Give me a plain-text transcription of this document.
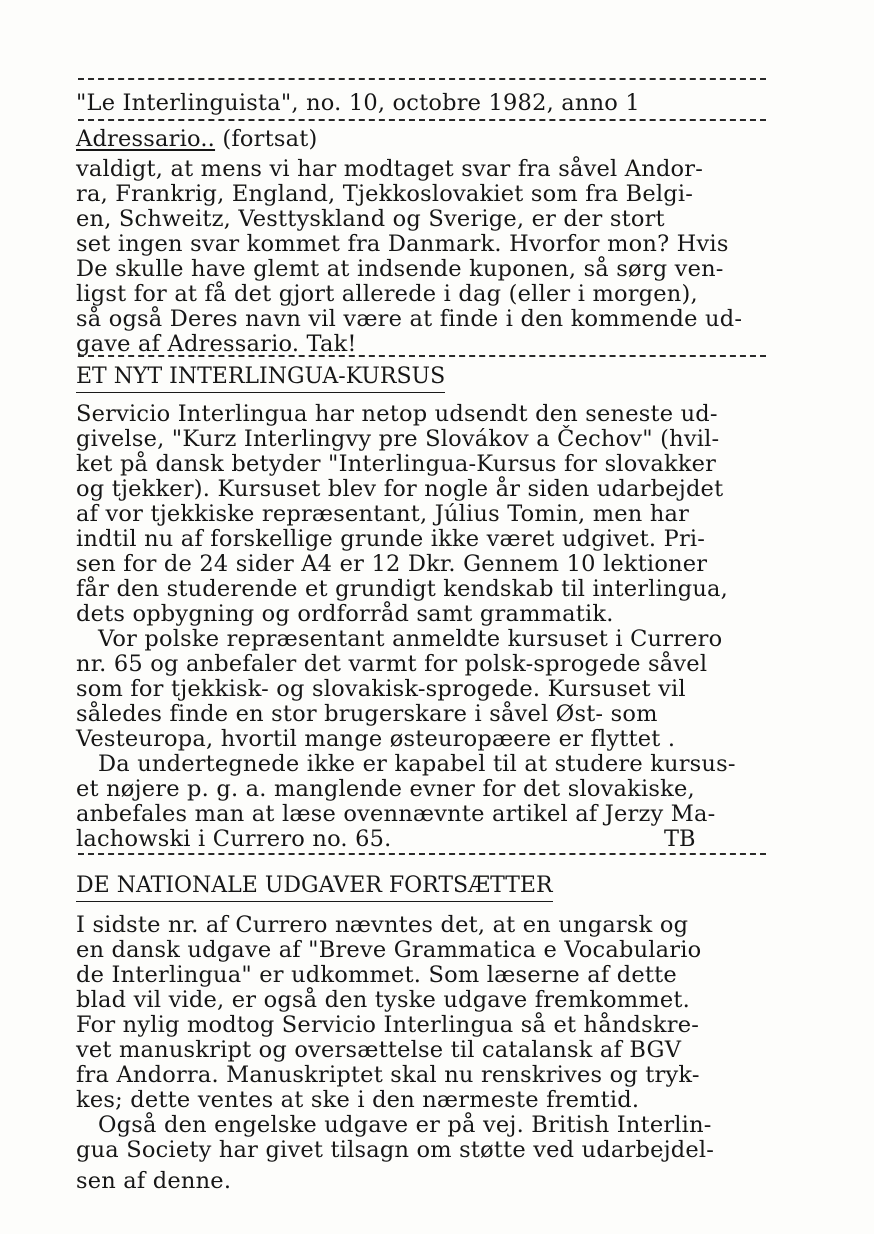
"Le Interlinguista", no. 10, octobre 1982, anno 1
Adressario.. (fortsat)
valdigt, at mens vi har modtaget svar fra såvel Andor-
ra, Frankrig, England, Tjekkoslovakiet som fra Belgi-
en, Schweitz, Vesttyskland og Sverige, er der stort
set ingen svar kommet fra Danmark. Hvorfor mon? Hvis
De skulle have glemt at indsende kuponen, så sørg ven-
ligst for at få det gjort allerede i dag (eller i morgen),
så også Deres navn vil være at finde i den kommende ud-
gave af Adressario. Tak!
ET NYT INTERLINGUA-KURSUS
Servicio Interlingua har netop udsendt den seneste ud-
givelse, "Kurz Interlingvy pre Slovákov a Čechov" (hvil-
ket på dansk betyder "Interlingua-Kursus for slovakker
og tjekker). Kursuset blev for nogle år siden udarbejdet
af vor tjekkiske repræsentant, Július Tomin, men har
indtil nu af forskellige grunde ikke været udgivet. Pri-
sen for de 24 sider A4 er 12 Dkr. Gennem 10 lektioner
får den studerende et grundigt kendskab til interlingua,
dets opbygning og ordforråd samt grammatik.
Vor polske repræsentant anmeldte kursuset i Currero
nr. 65 og anbefaler det varmt for polsk-sprogede såvel
som for tjekkisk- og slovakisk-sprogede. Kursuset vil
således finde en stor brugerskare i såvel Øst- som
Vesteuropa, hvortil mange østeuropæere er flyttet .
Da undertegnede ikke er kapabel til at studere kursus-
et nøjere p. g. a. manglende evner for det slovakiske,
anbefales man at læse ovennævnte artikel af Jerzy Ma-
lachowski i Currero no. 65.	TB
DE NATIONALE UDGAVER FORTSÆTTER
I sidste nr. af Currero nævntes det, at en ungarsk og
en dansk udgave af "Breve Grammatica e Vocabulario
de Interlingua" er udkommet. Som læserne af dette
blad vil vide, er også den tyske udgave fremkommet.
For nylig modtog Servicio Interlingua så et håndskre-
vet manuskript og oversættelse til catalansk af BGV
fra Andorra. Manuskriptet skal nu renskrives og tryk-
kes; dette ventes at ske i den nærmeste fremtid.
Også den engelske udgave er på vej. British Interlin-
gua Society har givet tilsagn om støtte ved udarbejdel-
sen af denne.
